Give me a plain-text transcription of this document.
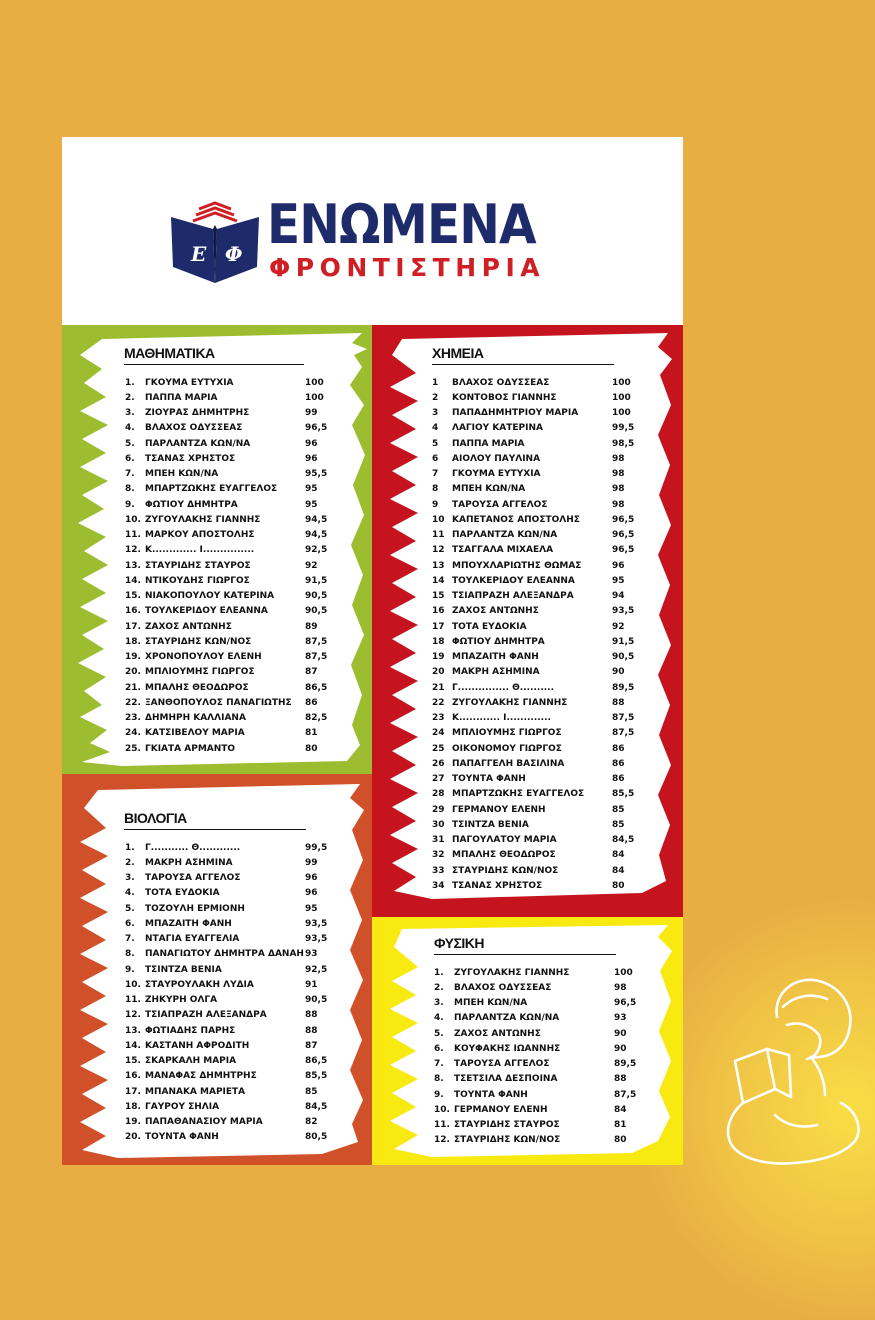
Ε Φ ΕΝΩΜΕΝΑ
ΦΡΟΝΤΙΣΤΗΡΙΑ
ΜΑΘΗΜΑΤΙΚΑ
1.	ΓΚΟΥΜΑ ΕΥΤΥΧΙΑ	100
2.	ΠΑΠΠΑ ΜΑΡΙΑ	100
3.	ΖΙΟΥΡΑΣ ΔΗΜΗΤΡΗΣ	99
4.	ΒΛΑΧΟΣ ΟΔΥΣΣΕΑΣ	96,5
5.	ΠΑΡΛΑΝΤΖΑ ΚΩΝ/ΝΑ	96
6.	ΤΣΑΝΑΣ ΧΡΗΣΤΟΣ	96
7.	ΜΠΕΗ ΚΩΝ/ΝΑ	95,5
8.	ΜΠΑΡΤΖΩΚΗΣ ΕΥΑΓΓΕΛΟΣ	95
9.	ΦΩΤΙΟΥ ΔΗΜΗΤΡΑ	95
10. ΖΥΓΟΥΛΑΚΗΣ ΓΙΑΝΝΗΣ	94,5
11. ΜΑΡΚΟΥ ΑΠΟΣΤΟΛΗΣ	94,5
12. Κ............. Ι...............	92,5
13. ΣΤΑΥΡΙΔΗΣ ΣΤΑΥΡΟΣ	92
14. ΝΤΙΚΟΥΔΗΣ ΓΙΩΡΓΟΣ	91,5
15. ΝΙΑΚΟΠΟΥΛΟΥ ΚΑΤΕΡΙΝΑ	90,5
16. ΤΟΥΛΚΕΡΙΔΟΥ ΕΛΕΑΝΝΑ	90,5
17. ΖΑΧΟΣ ΑΝΤΩΝΗΣ	89
18. ΣΤΑΥΡΙΔΗΣ ΚΩΝ/ΝΟΣ	87,5
19. ΧΡΟΝΟΠΟΥΛΟΥ ΕΛΕΝΗ	87,5
20. ΜΠΛΙΟΥΜΗΣ ΓΙΩΡΓΟΣ	87
21. ΜΠΑΛΗΣ ΘΕΟΔΩΡΟΣ	86,5
22. ΞΑΝΘΟΠΟΥΛΟΣ ΠΑΝΑΓΙΩΤΗΣ	86
23. ΔΗΜΗΡΗ ΚΑΛΛΙΑΝΑ	82,5
24. ΚΑΤΣΙΒΕΛΟΥ ΜΑΡΙΑ	81
25. ΓΚΙΑΤΑ ΑΡΜΑΝΤΟ	80
ΧΗΜΕΙΑ
1	ΒΛΑΧΟΣ ΟΔΥΣΣΕΑΣ	100
2	ΚΟΝΤΟΒΟΣ ΓΙΑΝΝΗΣ	100
3	ΠΑΠΑΔΗΜΗΤΡΙΟΥ ΜΑΡΙΑ	100
4	ΛΑΓΙΟΥ ΚΑΤΕΡΙΝΑ	99,5
5	ΠΑΠΠΑ ΜΑΡΙΑ	98,5
6	ΑΙΟΛΟΥ ΠΑΥΛΙΝΑ	98
7	ΓΚΟΥΜΑ ΕΥΤΥΧΙΑ	98
8	ΜΠΕΗ ΚΩΝ/ΝΑ	98
9	ΤΑΡΟΥΣΑ ΑΓΓΕΛΟΣ	98
10 ΚΑΠΕΤΑΝΟΣ ΑΠΟΣΤΟΛΗΣ	96,5
11 ΠΑΡΛΑΝΤΖΑ ΚΩΝ/ΝΑ	96,5
12 ΤΣΑΓΓΑΛΑ ΜΙΧΑΕΛΑ	96,5
13 ΜΠΟΥΧΛΑΡΙΩΤΗΣ ΘΩΜΑΣ	96
14 ΤΟΥΛΚΕΡΙΔΟΥ ΕΛΕΑΝΝΑ	95
15 ΤΣΙΑΠΡΑΖΗ ΑΛΕΞΑΝΔΡΑ	94
16 ΖΑΧΟΣ ΑΝΤΩΝΗΣ	93,5
17 ΤΟΤΑ ΕΥΔΟΚΙΑ	92
18 ΦΩΤΙΟΥ ΔΗΜΗΤΡΑ	91,5
19 ΜΠΑΖΑΪΤΗ ΦΑΝΗ	90,5
20 ΜΑΚΡΗ ΑΣΗΜΙΝΑ	90
21 Γ............... Θ..........	89,5
22 ΖΥΓΟΥΛΑΚΗΣ ΓΙΑΝΝΗΣ	88
23 Κ............ Ι.............	87,5
24 ΜΠΛΙΟΥΜΗΣ ΓΙΩΡΓΟΣ	87,5
25 ΟΙΚΟΝΟΜΟΥ ΓΙΩΡΓΟΣ	86
26 ΠΑΠΑΓΓΕΛΗ ΒΑΣΙΛΙΝΑ	86
27 ΤΟΥΝΤΑ ΦΑΝΗ	86
28 ΜΠΑΡΤΖΩΚΗΣ ΕΥΑΓΓΕΛΟΣ	85,5
29 ΓΕΡΜΑΝΟΥ ΕΛΕΝΗ	85
30 ΤΣΙΝΤΖΑ ΒΕΝΙΑ	85
31 ΠΑΓΟΥΛΑΤΟΥ ΜΑΡΙΑ	84,5
32 ΜΠΑΛΗΣ ΘΕΟΔΩΡΟΣ	84
33 ΣΤΑΥΡΙΔΗΣ ΚΩΝ/ΝΟΣ	84
34 ΤΣΑΝΑΣ ΧΡΗΣΤΟΣ	80
ΒΙΟΛΟΓΙΑ
1.	Γ........... Θ............	99,5
2.	ΜΑΚΡΗ ΑΣΗΜΙΝΑ	99
3.	ΤΑΡΟΥΣΑ ΑΓΓΕΛΟΣ	96
4.	ΤΟΤΑ ΕΥΔΟΚΙΑ	96
5.	ΤΟΖΟΥΛΗ ΕΡΜΙΟΝΗ	95
6.	ΜΠΑΖΑΪΤΗ ΦΑΝΗ	93,5
7.	ΝΤΑΓΙΑ ΕΥΑΓΓΕΛΙΑ	93,5
8.	ΠΑΝΑΓΙΩΤΟΥ ΔΗΜΗΤΡΑ ΔΑΝΑΗ 93
9.	ΤΣΙΝΤΖΑ ΒΕΝΙΑ	92,5
10. ΣΤΑΥΡΟΥΛΑΚΗ ΛΥΔΙΑ	91
11. ΖΗΚΥΡΗ ΟΛΓΑ	90,5
12. ΤΣΙΑΠΡΑΖΗ ΑΛΕΞΑΝΔΡΑ	88
13. ΦΩΤΙΑΔΗΣ ΠΑΡΗΣ	88
14. ΚΑΣΤΑΝΗ ΑΦΡΟΔΙΤΗ	87
15. ΣΚΑΡΚΑΛΗ ΜΑΡΙΑ	86,5
16. ΜΑΝΑΦΑΣ ΔΗΜΗΤΡΗΣ	85,5
17. ΜΠΑΝΑΚΑ ΜΑΡΙΕΤΑ	85
18. ΓΑΥΡΟΥ ΣΗΛΙΑ	84,5
19. ΠΑΠΑΘΑΝΑΣΙΟΥ ΜΑΡΙΑ	82
20. ΤΟΥΝΤΑ ΦΑΝΗ	80,5
ΦΥΣΙΚΗ
1.	ΖΥΓΟΥΛΑΚΗΣ ΓΙΑΝΝΗΣ	100
2.	ΒΛΑΧΟΣ ΟΔΥΣΣΕΑΣ	98
3.	ΜΠΕΗ ΚΩΝ/ΝΑ	96,5
4.	ΠΑΡΛΑΝΤΖΑ ΚΩΝ/ΝΑ	93
5.	ΖΑΧΟΣ ΑΝΤΩΝΗΣ	90
6.	ΚΟΥΦΑΚΗΣ ΙΩΑΝΝΗΣ	90
7.	ΤΑΡΟΥΣΑ ΑΓΓΕΛΟΣ	89,5
8.	ΤΣΕΤΣΙΛΑ ΔΕΣΠΟΙΝΑ	88
9.	ΤΟΥΝΤΑ ΦΑΝΗ	87,5
10. ΓΕΡΜΑΝΟΥ ΕΛΕΝΗ	84
11. ΣΤΑΥΡΙΔΗΣ ΣΤΑΥΡΟΣ	81
12. ΣΤΑΥΡΙΔΗΣ ΚΩΝ/ΝΟΣ	80
